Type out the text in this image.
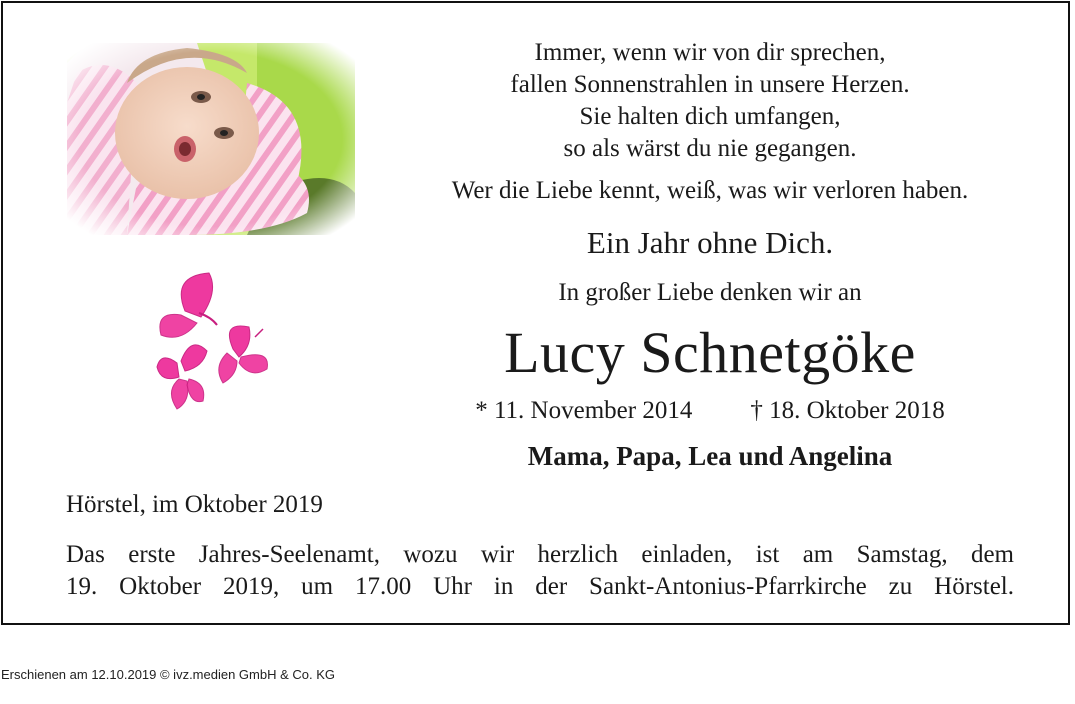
Immer, wenn wir von dir sprechen,
fallen Sonnenstrahlen in unsere Herzen.
Sie halten dich umfangen,
so als wärst du nie gegangen.
Wer die Liebe kennt, weiß, was wir verloren haben.
Ein Jahr ohne Dich.
In großer Liebe denken wir an
Lucy Schnetgöke
* 11. November 2014 † 18. Oktober 2018
Mama, Papa, Lea und Angelina
Hörstel, im Oktober 2019
Das erste Jahres-Seelenamt, wozu wir herzlich einladen, ist am Samstag, dem
19. Oktober 2019, um 17.00 Uhr in der Sankt-Antonius-Pfarrkirche zu Hörstel.
Erschienen am 12.10.2019 © ivz.medien GmbH & Co. KG
